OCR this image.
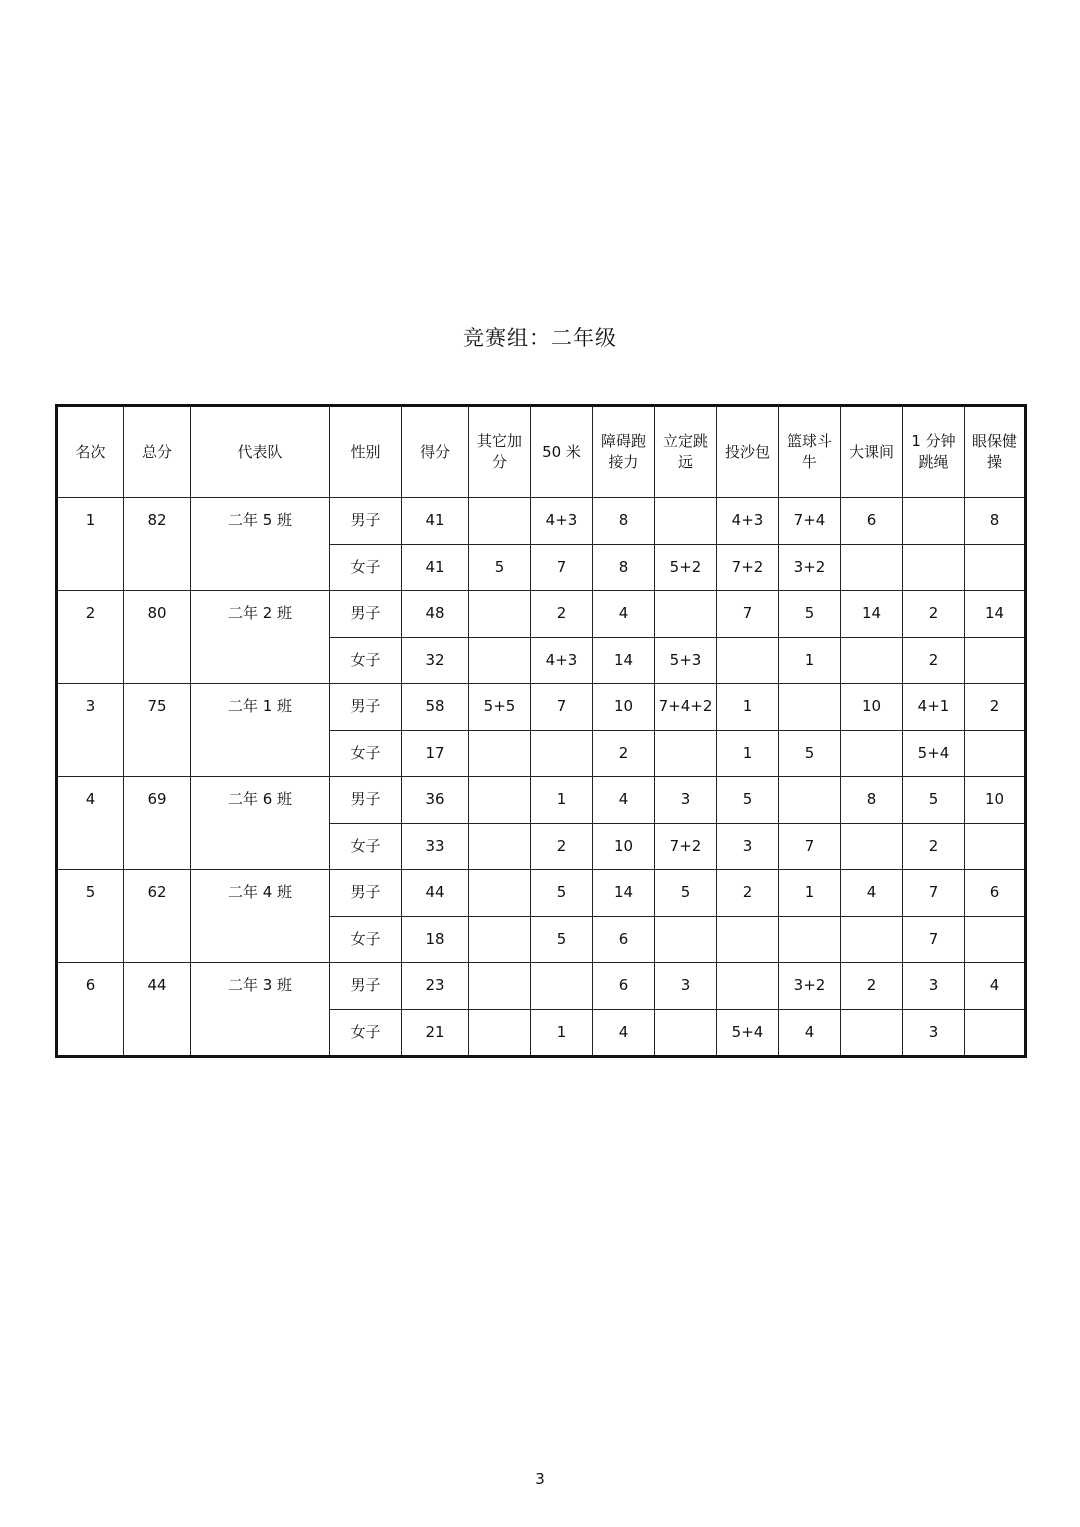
竞赛组：二年级
名次	总分	代表队	性别	得分	其它加分	50 米	障碍跑接力	立定跳远	投沙包	篮球斗牛	大课间	1 分钟跳绳	眼保健操
1	82	二年 5 班	男子	41		4+3	8		4+3	7+4	6		8
			女子	41	5	7	8	5+2	7+2	3+2			
2	80	二年 2 班	男子	48		2	4		7	5	14	2	14
			女子	32		4+3	14	5+3		1		2	
3	75	二年 1 班	男子	58	5+5	7	10	7+4+2	1		10	4+1	2
			女子	17			2		1	5		5+4	
4	69	二年 6 班	男子	36		1	4	3	5		8	5	10
			女子	33		2	10	7+2	3	7		2	
5	62	二年 4 班	男子	44		5	14	5	2	1	4	7	6
			女子	18		5	6					7	
6	44	二年 3 班	男子	23			6	3		3+2	2	3	4
			女子	21		1	4		5+4	4		3	
3
